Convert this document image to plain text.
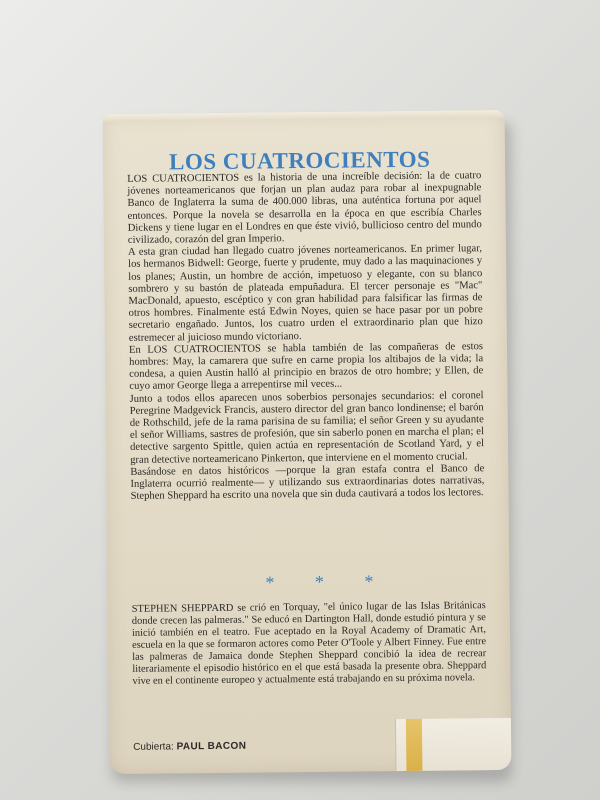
LOS CUATROCIENTOS

LOS CUATROCIENTOS es la historia de una increíble decisión: la de cuatro jóvenes norteamericanos que forjan un plan audaz para robar al inexpugnable Banco de Inglaterra la suma de 400.000 libras, una auténtica fortuna por aquel entonces. Porque la novela se desarrolla en la época en que escribía Charles Dickens y tiene lugar en el Londres en que éste vivió, bullicioso centro del mundo civilizado, corazón del gran Imperio.

A esta gran ciudad han llegado cuatro jóvenes norteamericanos. En primer lugar, los hermanos Bidwell: George, fuerte y prudente, muy dado a las maquinaciones y los planes; Austin, un hombre de acción, impetuoso y elegante, con su blanco sombrero y su bastón de plateada empuñadura. El tercer personaje es "Mac" MacDonald, apuesto, escéptico y con gran habilidad para falsificar las firmas de otros hombres. Finalmente está Edwin Noyes, quien se hace pasar por un pobre secretario engañado. Juntos, los cuatro urden el extraordinario plan que hizo estremecer al juicioso mundo victoriano.

En LOS CUATROCIENTOS se habla también de las compañeras de estos hombres: May, la camarera que sufre en carne propia los altibajos de la vida; la condesa, a quien Austin halló al principio en brazos de otro hombre; y Ellen, de cuyo amor George llega a arrepentirse mil veces...

Junto a todos ellos aparecen unos soberbios personajes secundarios: el coronel Peregrine Madgevick Francis, austero director del gran banco londinense; el barón de Rothschild, jefe de la rama parisina de su familia; el señor Green y su ayudante el señor Williams, sastres de profesión, que sin saberlo ponen en marcha el plan; el detective sargento Spittle, quien actúa en representación de Scotland Yard, y el gran detective norteamericano Pinkerton, que interviene en el momento crucial.

Basándose en datos históricos —porque la gran estafa contra el Banco de Inglaterra ocurrió realmente— y utilizando sus extraordinarias dotes narrativas, Stephen Sheppard ha escrito una novela que sin duda cautivará a todos los lectores.

* * *

STEPHEN SHEPPARD se crió en Torquay, "el único lugar de las Islas Británicas donde crecen las palmeras." Se educó en Dartington Hall, donde estudió pintura y se inició también en el teatro. Fue aceptado en la Royal Academy of Dramatic Art, escuela en la que se formaron actores como Peter O'Toole y Albert Finney. Fue entre las palmeras de Jamaica donde Stephen Sheppard concibió la idea de recrear literariamente el episodio histórico en el que está basada la presente obra. Sheppard vive en el continente europeo y actualmente está trabajando en su próxima novela.

Cubierta: PAUL BACON
